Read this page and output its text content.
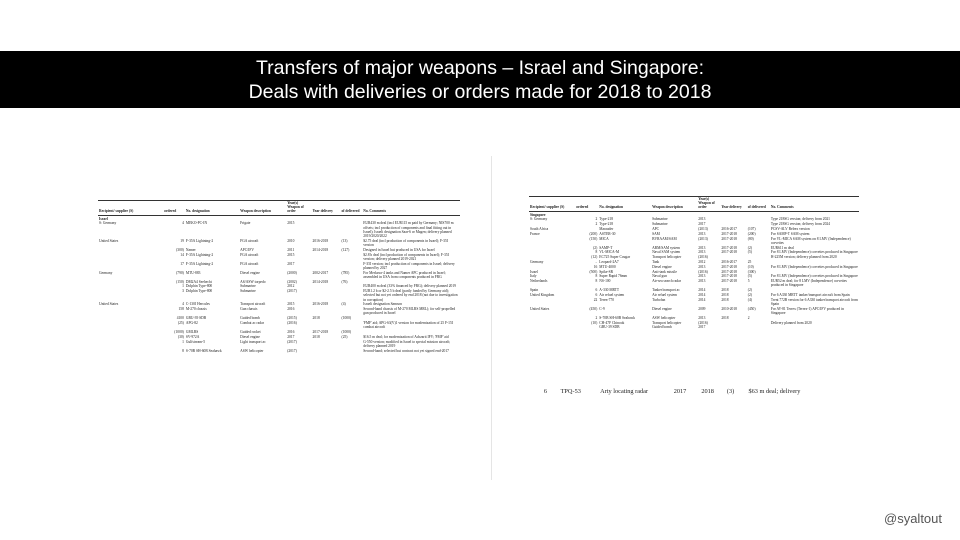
Transfers of major weapons – Israel and Singapore:
Deals with deliveries or orders made for 2018 to 2018
Recipient/ supplier (S)	ordered	No. designation	Weapon description	Year(s) Weapon of order	Year delivery	of delivered	No. Comments
Israel							
S: Germany	4	MEKO-PC-IN	Frigate	2015			EUR430 m deal (incl EUR115 m paid by Germany; NIS700 m offsets; incl production of components and final fitting out in Israel); Israeli designation Saar-6 or Magen; delivery planned 2019/2020/2022
United States	19	F-35A Lightning-2	FGA aircraft	2010	2016-2018	(13)	$2.75 deal (incl production of components in Israel); F-35I version
	(300)	Namer	APC/IFV	2011	2014-2018	(127)	Designed in Israel but produced in USA for Israel
	14	F-35A Lightning-2	FGA aircraft	2015			$2.8 b deal (incl production of components in Israel); F-35I version; delivery planned 2019-2021
	17	F-35A Lightning-2	FGA aircraft	2017			F-35I version; incl production of components in Israel; delivery planned by 2027
Germany	(790)	MTU-883	Diesel engine	(2000)	2002-2017	(785)	For Merkava-4 tanks and Namer APC produced in Israel; assembled in USA from components produced in FRG
	(150)	DM2A4 Seehecht	AS/ASW torpedo	(2002)	2014-2018	(76)	
	1	Dolphin Type-800	Submarine	2012			EUR400 m deal (33% financed by FRG); delivery planned 2019
	3	Dolphin Type-800	Submarine	(2017)			EUR1.2 b or $2-2.5 b deal (partly funded by Germany aid); selected but not yet ordered by end 2018 (not due to investigation in corruption)
United States	4	C-130J Hercules	Transport aircraft	2015	2016-2018	(4)	Israeli designation Samson
	158	M-270 chassis	Gun chassis	2016			Second-hand chassis of M-270 MLRS MRL); for self-propelled gun produced in Israel
	4100	GBU-39 SDB	Guided bomb	(2015)	2018	(1000)	
	(25)	APG-82	Combat ac radar	(2016)			'FMF' aid; APG-63(V)1 version for modernization of 25 F-15I combat aircraft
	(1000)	GMLRS	Guided rocket	2016	2017-2018	(1000)	
	(30)	SV-972A	Diesel engine	2017	2018	(25)	$16.5 m deal; for modernization of Achzarit IFV; 'FMF' aid
	1	Gulfstream-5	Light transport ac	(2017)			G-550 version; modified in Israel to special mission aircraft; delivery planned 2019
	8	S-70B SH-60B Seahawk	ASW helicopter	(2017)			Second-hand; selected but contract not yet signed end-2017
Recipient/ supplier (S)	ordered	No. designation	Weapon description	Year(s) Weapon of order	Year delivery	of delivered	No. Comments
Singapore							
S: Germany	2	Type-218	Submarine	2013			Type 218SG version; delivery from 2021
	2	Type-218	Submarine	2017			Type 218SG version; delivery from 2024
South Africa		Marauder	APC	(2013)	2016-2017	(107)	PCSV-ALV Belrex version
France	(200)	ASTER-30	SAM	2013	2017-2018	(200)	For SAMP-T SAM system
	(150)	MICA	BVRAAM/SAM	(2013)	2017-2018	(80)	For VL-MICA SAM system on 8 LMV (Independence) corvettes
	(2)	SAMP-T	ABM/SAM system	2013	2017-2018	(2)	EUR611 m deal
	8	VL-MICA-M	Naval SAM system	2013	2017-2018	(5)	For 8 LMV (Independence) corvettes produced in Singapore
	(12)	EC725 Super Cougar	Transport helicopter	(2016)			H-225M version; delivery planned from 2020
Germany	..	Leopard-2A7	Tank	2012	2016-2017	25	
	16	MTU-4000	Diesel engine	2013	2017-2018	(10)	For 8 LMV (Independence) corvettes produced in Singapore
Israel	(500)	Spike-SR	Anti-tank missile	(2016)	2017-2018	(300)	
Italy	8	Super Rapid 76mm	Naval gun	2013	2017-2018	(5)	For 8 LMV (Independence) corvettes produced in Singapore
Netherlands	8	NS-100	Air-sea search radar	2013	2017-2018	5	EUR52 m deal; for 8 LMV (Independence) corvettes produced in Singapore
Spain	6	A-330 MRTT	Tanker/transport ac	2014	2018	(2)	
United Kingdom	6	Air refuel system	Air refuel system	2014	2018	(2)	For 6 A330 MRTT tanker/transport aircraft from Spain
	22	Teren-770	Turbofan	2014	2018	(4)	Trent 772B version for 6 A330 tanker/transport aircraft from Spain
United States	(450)	C-9	Diesel engine	2009	2010-2018	(450)	For AV-81 Terrex (Terrex-1) APC/IFV produced in Singapore
	2	S-70B SH-60B Seahawk	ASW helicopter	2013	2018	2	
	(10)	CH-47F Chinook	Transport helicopter	(2016)			Delivery planned from 2020
		GBU-39 SDB	Guided bomb	2017			
6 TPQ-53	Arty locating radar	2017 2018 (3) $63 m deal; delivery
@syaltout
